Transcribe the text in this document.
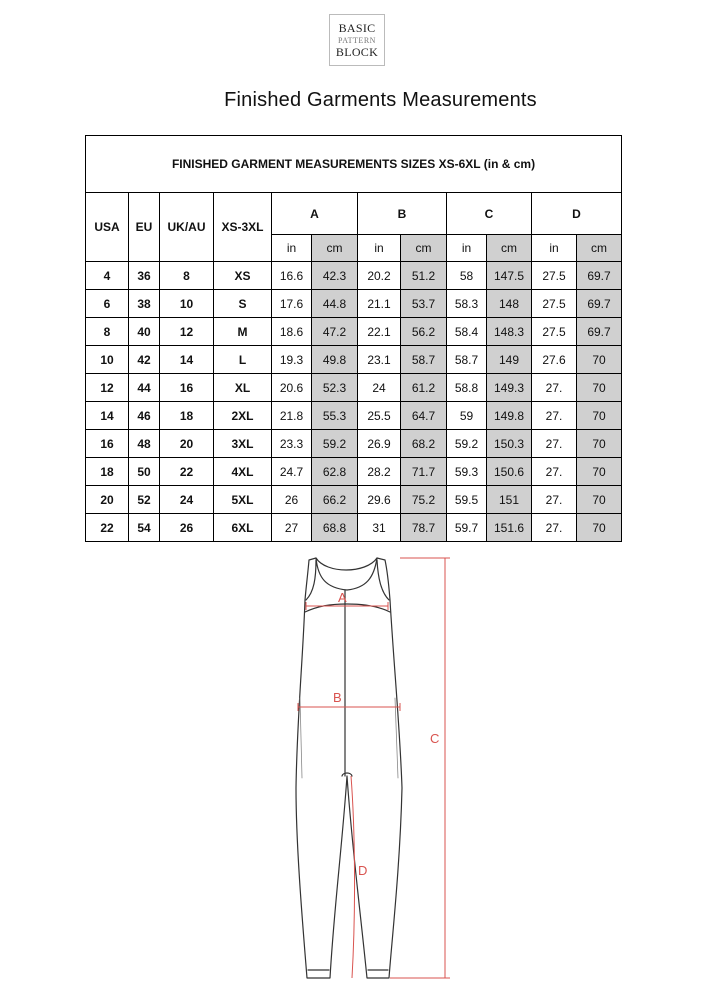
BASIC
PATTERN
BLOCK
Finished Garments Measurements
FINISHED GARMENT MEASUREMENTS SIZES XS-6XL (in & cm)											
USA	EU	UK/AU	XS-3XL	A		B		C		D	
				in	cm	in	cm	in	cm	in	cm
4	36	8	XS	16.6	42.3	20.2	51.2	58	147.5	27.5	69.7
6	38	10	S	17.6	44.8	21.1	53.7	58.3	148	27.5	69.7
8	40	12	M	18.6	47.2	22.1	56.2	58.4	148.3	27.5	69.7
10	42	14	L	19.3	49.8	23.1	58.7	58.7	149	27.6	70
12	44	16	XL	20.6	52.3	24	61.2	58.8	149.3	27.	70
14	46	18	2XL	21.8	55.3	25.5	64.7	59	149.8	27.	70
16	48	20	3XL	23.3	59.2	26.9	68.2	59.2	150.3	27.	70
18	50	22	4XL	24.7	62.8	28.2	71.7	59.3	150.6	27.	70
20	52	24	5XL	26	66.2	29.6	75.2	59.5	151	27.	70
22	54	26	6XL	27	68.8	31	78.7	59.7	151.6	27.	70
A
B
C
D
